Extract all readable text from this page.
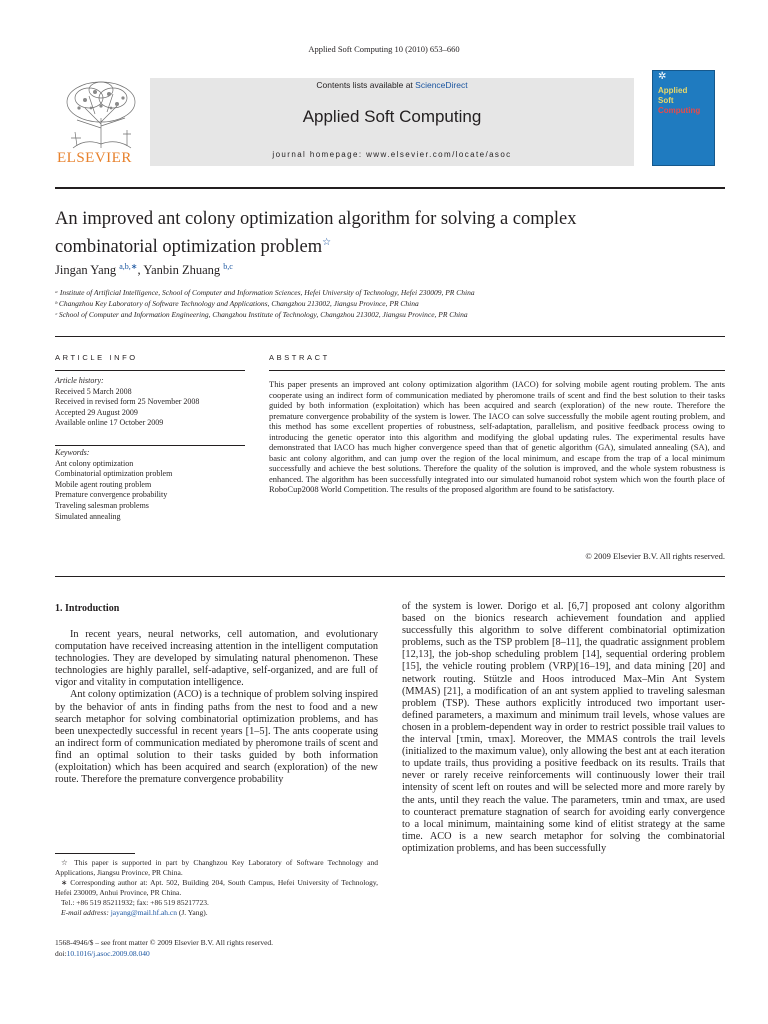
Applied Soft Computing 10 (2010) 653–660
ELSEVIER
Contents lists available at ScienceDirect
Applied Soft Computing
journal homepage: www.elsevier.com/locate/asoc
✲
Applied
Soft
Computing
An improved ant colony optimization algorithm for solving a complex
combinatorial optimization problem☆
Jingan Yang $^{a,b,∗}$, Yanbin Zhuang $^{b,c}$
ᵃ Institute of Artificial Intelligence, School of Computer and Information Sciences, Hefei University of Technology, Hefei 230009, PR China
ᵇ Changzhou Key Laboratory of Software Technology and Applications, Changzhou 213002, Jiangsu Province, PR China
ᶜ School of Computer and Information Engineering, Changzhou Institute of Technology, Changzhou 213002, Jiangsu Province, PR China
ARTICLE INFO
Article history:
Received 5 March 2008
Received in revised form 25 November 2008
Accepted 29 August 2009
Available online 17 October 2009
Keywords:
Ant colony optimization
Combinatorial optimization problem
Mobile agent routing problem
Premature convergence probability
Traveling salesman problems
Simulated annealing
ABSTRACT
This paper presents an improved ant colony optimization algorithm (IACO) for solving mobile agent routing problem. The ants cooperate using an indirect form of communication mediated by pheromone trails of scent and find the best solution to their tasks guided by both information (exploitation) which has been acquired and search (exploration) of the new route. Therefore the premature convergence probability of the system is lower. The IACO can solve successfully the mobile agent routing problem, and this method has some excellent properties of robustness, self-adaptation, parallelism, and positive feedback process owing to introducing the genetic operator into this algorithm and modifying the global updating rules. The experimental results have demonstrated that IACO has much higher convergence speed than that of genetic algorithm (GA), simulated annealing (SA), and basic ant colony algorithm, and can jump over the region of the local minimum, and escape from the trap of a local minimum successfully and achieve the best solutions. Therefore the quality of the solution is improved, and the whole system robustness is enhanced. The algorithm has been successfully integrated into our simulated humanoid robot system which won the fourth place of RoboCup2008 World Competition. The results of the proposed algorithm are found to be satisfactory.
© 2009 Elsevier B.V. All rights reserved.
1. Introduction

In recent years, neural networks, cell automation, and evolutionary computation have received increasing attention in the intelligent computation technologies. They are developed by simulating natural phenomenon. These technologies are highly parallel, self-adaptive, self-organized, and are full of vigor and vitality in computation intelligence.

Ant colony optimization (ACO) is a technique of problem solving inspired by the behavior of ants in finding paths from the nest to food and a new search metaphor for solving combinatorial optimization problems, and has been unexpectedly successful in recent years [1–5]. The ants cooperate using an indirect form of communication mediated by pheromone trails of scent and find an optimal solution to their tasks guided by both information (exploitation) which has been acquired and search (exploration) of the new route. Therefore the premature convergence probability

of the system is lower. Dorigo et al. [6,7] proposed ant colony algorithm based on the bionics research achievement foundation and applied successfully this algorithm to solve different combinatorial optimization problems, such as the TSP problem [8–11], the quadratic assignment problem [12,13], the job-shop scheduling problem [14], sequential ordering problem [15], the vehicle routing problem (VRP)[16–19], and data mining [20] and network routing. Stützle and Hoos introduced Max–Min Ant System (MMAS) [21], a modification of an ant system applied to traveling salesman problem (TSP). These authors explicitly introduced two important user-defined parameters, a maximum and minimum trail levels, whose values are chosen in a problem-dependent way in order to restrict possible trail values to the interval [τmin, τmax]. Moreover, the MMAS controls the trail levels (initialized to the maximum value), only allowing the best ant at each iteration to update trails, thus providing a positive feedback on its results. Trails that never or rarely receive reinforcements will continuously lower their trail intensity of scent left on routes and will be selected more and more rarely by the ants, until they reach the value. The parameters, τmin and τmax, are used to counteract premature stagnation of search for avoiding early convergence to a local minimum, maintaining some kind of elitist strategy at the same time. ACO is a new search metaphor for solving the combinatorial optimization problems, and has been successfully

☆ This paper is supported in part by Changhzou Key Laboratory of Software Technology and Applications, Jiangsu Province, PR China.

∗ Corresponding author at: Apt. 502, Building 204, South Campus, Hefei University of Technology, Hefei 230009, Anhui Province, PR China.

Tel.: +86 519 85211932; fax: +86 519 85217723.

E-mail address: jayang@mail.hf.ah.cn (J. Yang).

1568-4946/$ – see front matter © 2009 Elsevier B.V. All rights reserved.
doi:10.1016/j.asoc.2009.08.040
